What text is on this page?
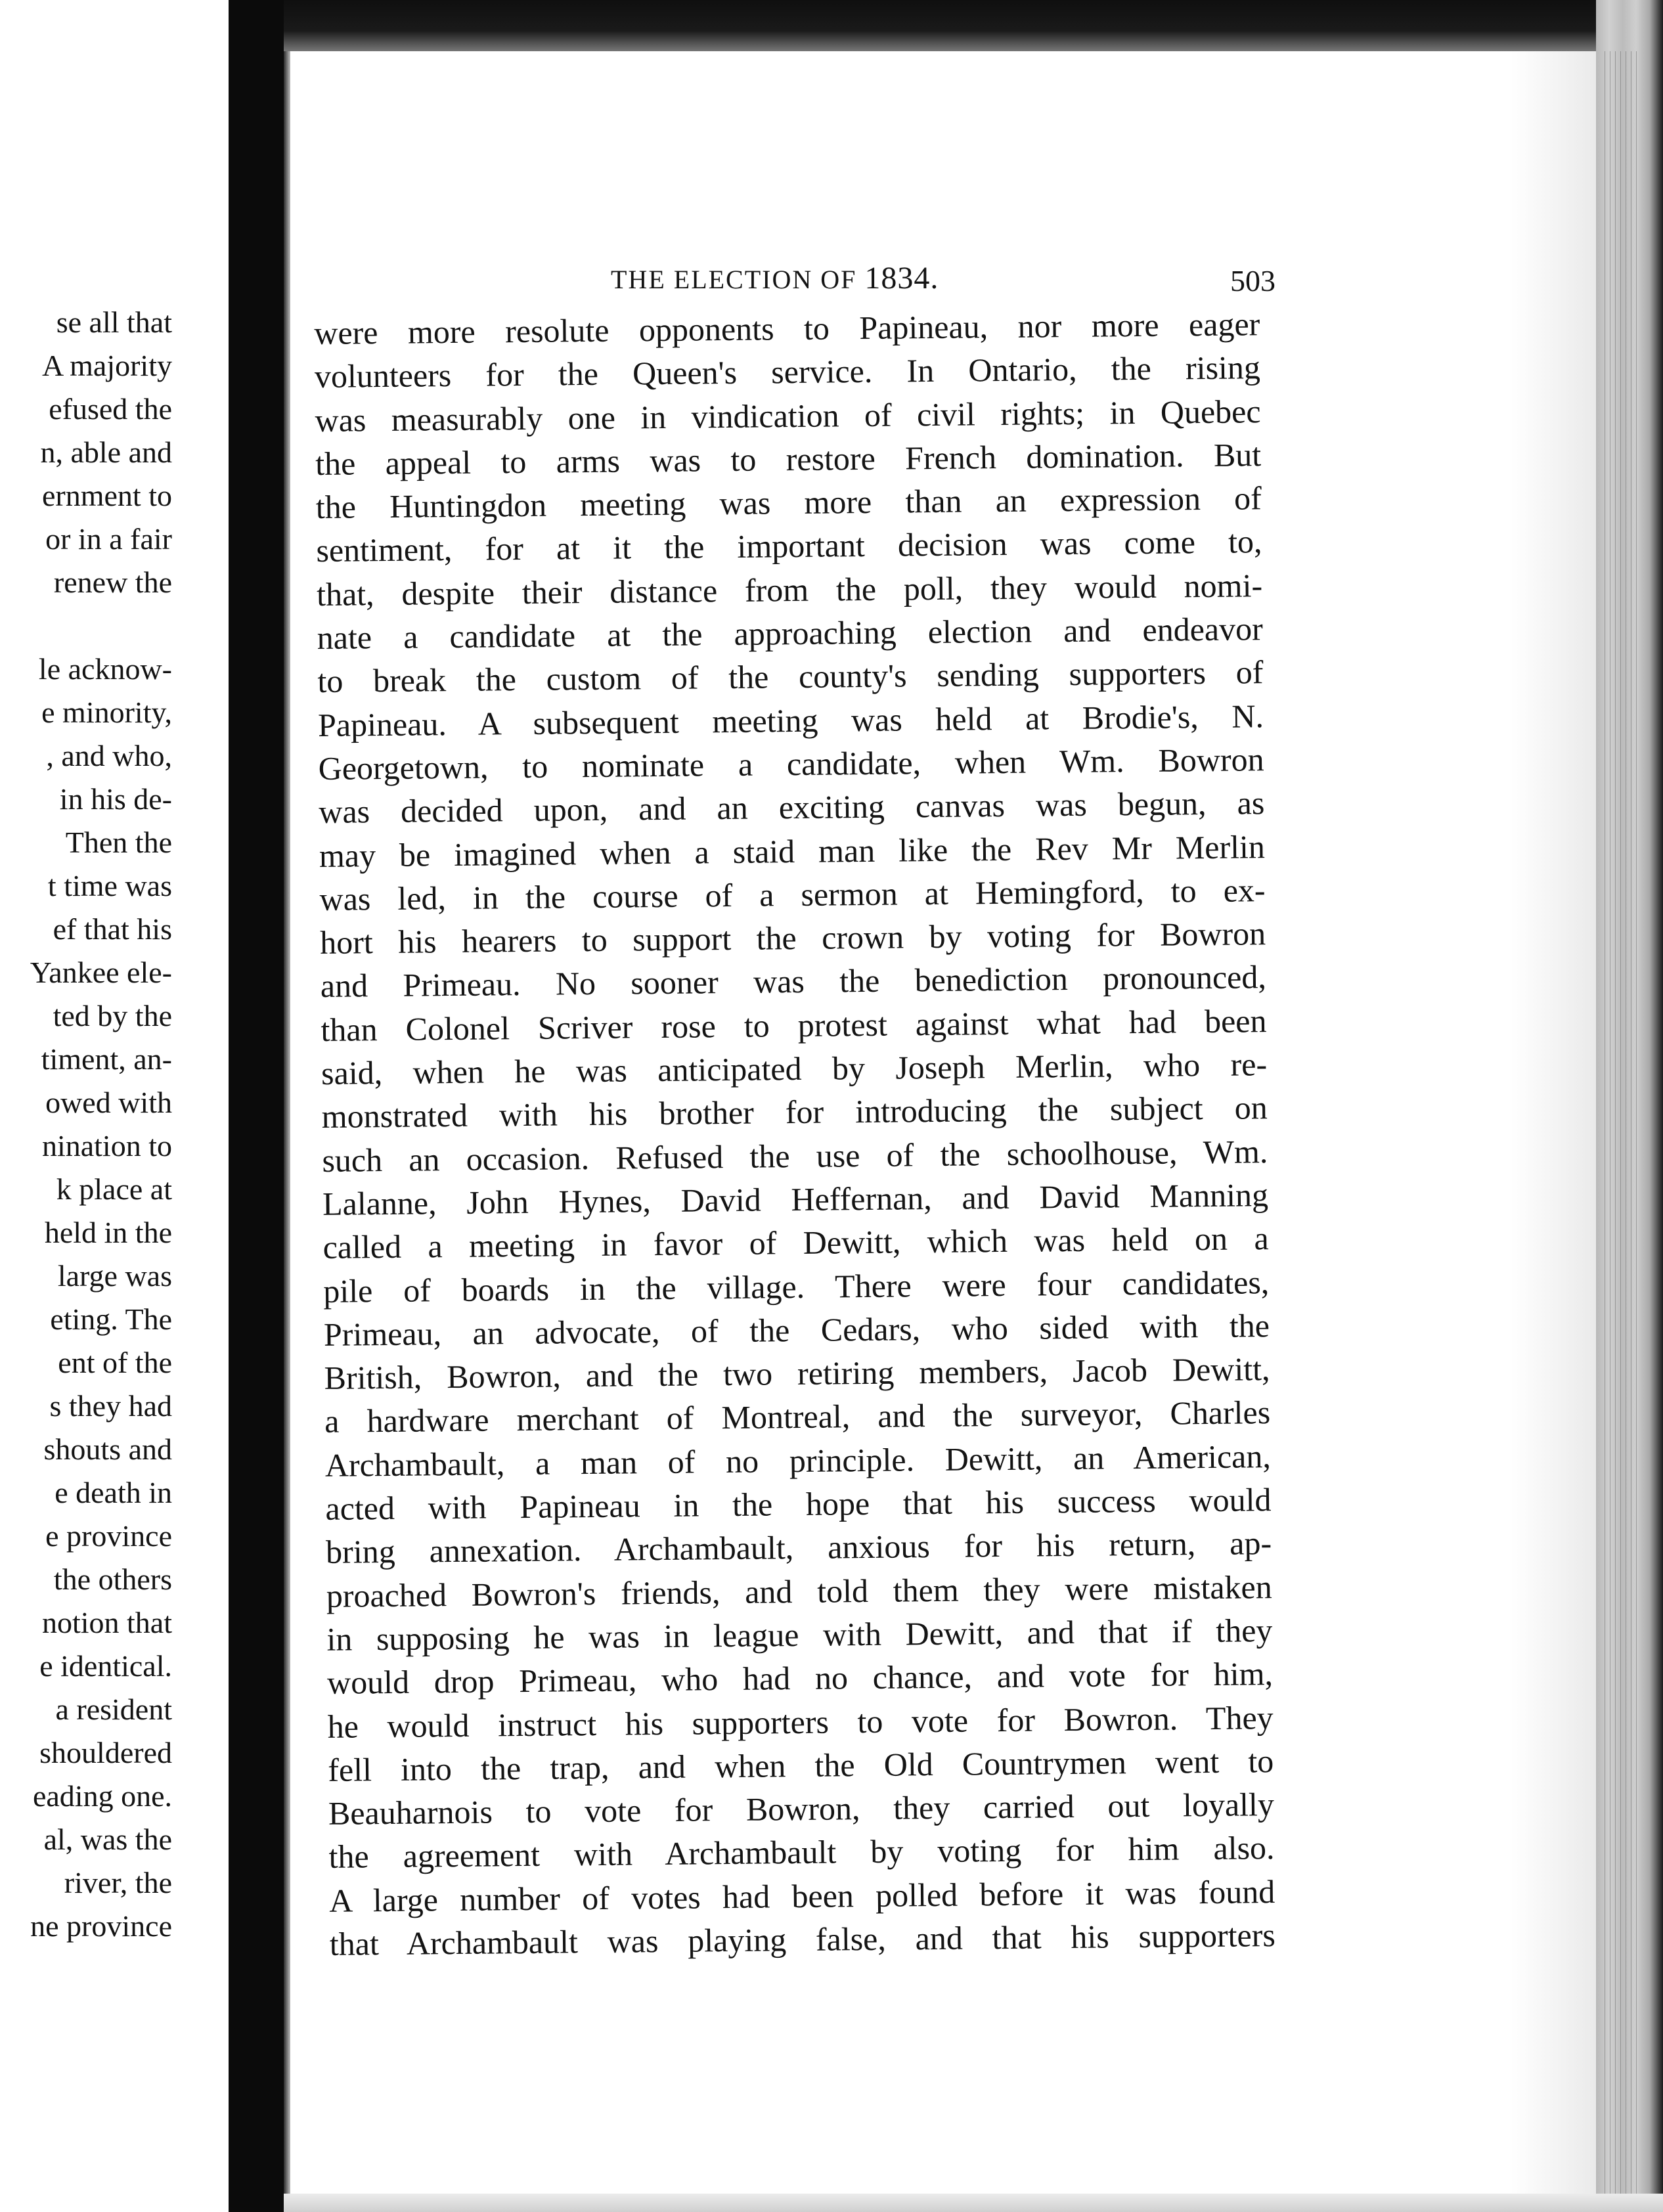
se all that
A majority
efused the
n, able and
ernment to
or in a fair
renew the
le acknow-
e minority,
, and who,
in his de-
Then the
t time was
ef that his
Yankee ele-
ted by the
timent, an-
owed with
nination to
k place at
held in the
large was
eting. The
ent of the
s they had
shouts and
e death in
e province
the others
notion that
e identical.
a resident
shouldered
eading one.
al, was the
river, the
ne province
THE ELECTION OF 1834.	503
were more resolute opponents to Papineau, nor more eager
volunteers for the Queen's service. In Ontario, the rising
was measurably one in vindication of civil rights; in Quebec
the appeal to arms was to restore French domination. But
the Huntingdon meeting was more than an expression of
sentiment, for at it the important decision was come to,
that, despite their distance from the poll, they would nomi-
nate a candidate at the approaching election and endeavor
to break the custom of the county's sending supporters of
Papineau. A subsequent meeting was held at Brodie's, N.
Georgetown, to nominate a candidate, when Wm. Bowron
was decided upon, and an exciting canvas was begun, as
may be imagined when a staid man like the Rev Mr Merlin
was led, in the course of a sermon at Hemingford, to ex-
hort his hearers to support the crown by voting for Bowron
and Primeau. No sooner was the benediction pronounced,
than Colonel Scriver rose to protest against what had been
said, when he was anticipated by Joseph Merlin, who re-
monstrated with his brother for introducing the subject on
such an occasion. Refused the use of the schoolhouse, Wm.
Lalanne, John Hynes, David Heffernan, and David Manning
called a meeting in favor of Dewitt, which was held on a
pile of boards in the village. There were four candidates,
Primeau, an advocate, of the Cedars, who sided with the
British, Bowron, and the two retiring members, Jacob Dewitt,
a hardware merchant of Montreal, and the surveyor, Charles
Archambault, a man of no principle. Dewitt, an American,
acted with Papineau in the hope that his success would
bring annexation. Archambault, anxious for his return, ap-
proached Bowron's friends, and told them they were mistaken
in supposing he was in league with Dewitt, and that if they
would drop Primeau, who had no chance, and vote for him,
he would instruct his supporters to vote for Bowron. They
fell into the trap, and when the Old Countrymen went to
Beauharnois to vote for Bowron, they carried out loyally
the agreement with Archambault by voting for him also.
A large number of votes had been polled before it was found
that Archambault was playing false, and that his supporters
